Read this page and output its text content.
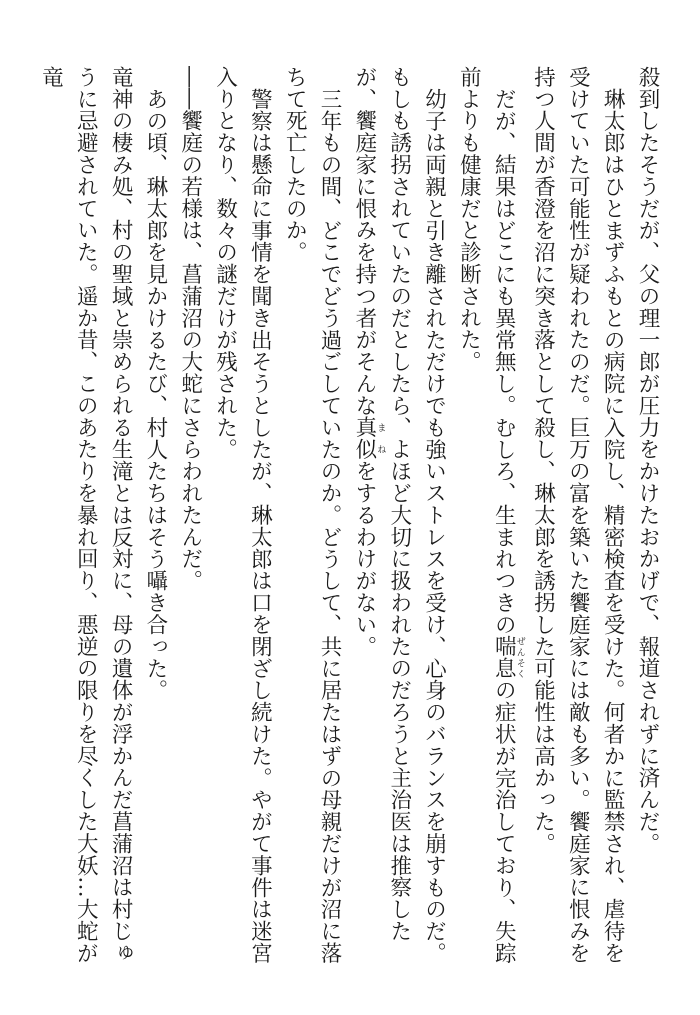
殺到したそうだが、父の理一郎が圧力をかけたおかげで、報道されずに済んだ。

琳太郎はひとまずふもとの病院に入院し、精密検査を受けた。何者かに監禁され、虐待を受けていた可能性が疑われたのだ。巨万の富を築いた饗庭家には敵も多い。饗庭家に恨みを持つ人間が香澄を沼に突き落として殺し、琳太郎を誘拐した可能性は高かった。

だが、結果はどこにも異常無し。むしろ、生まれつきの喘息ぜんそくの症状が完治しており、失踪前よりも健康だと診断された。

幼子は両親と引き離されただけでも強いストレスを受け、心身のバランスを崩すものだ。もしも誘拐されていたのだとしたら、よほど大切に扱われたのだろうと主治医は推察したが、饗庭家に恨みを持つ者がそんな真似まねをするわけがない。

三年もの間、どこでどう過ごしていたのか。どうして、共に居たはずの母親だけが沼に落ちて死亡したのか。

警察は懸命に事情を聞き出そうとしたが、琳太郎は口を閉ざし続けた。やがて事件は迷宮入りとなり、数々の謎だけが残された。

――饗庭の若様は、菖蒲沼の大蛇にさらわれたんだ。

あの頃、琳太郎を見かけるたび、村人たちはそう囁き合った。

竜神の棲み処、村の聖域と崇められる生滝とは反対に、母の遺体が浮かんだ菖蒲沼は村じゅうに忌避されていた。遥か昔、このあたりを暴れ回り、悪逆の限りを尽くした大妖…大蛇が竜
